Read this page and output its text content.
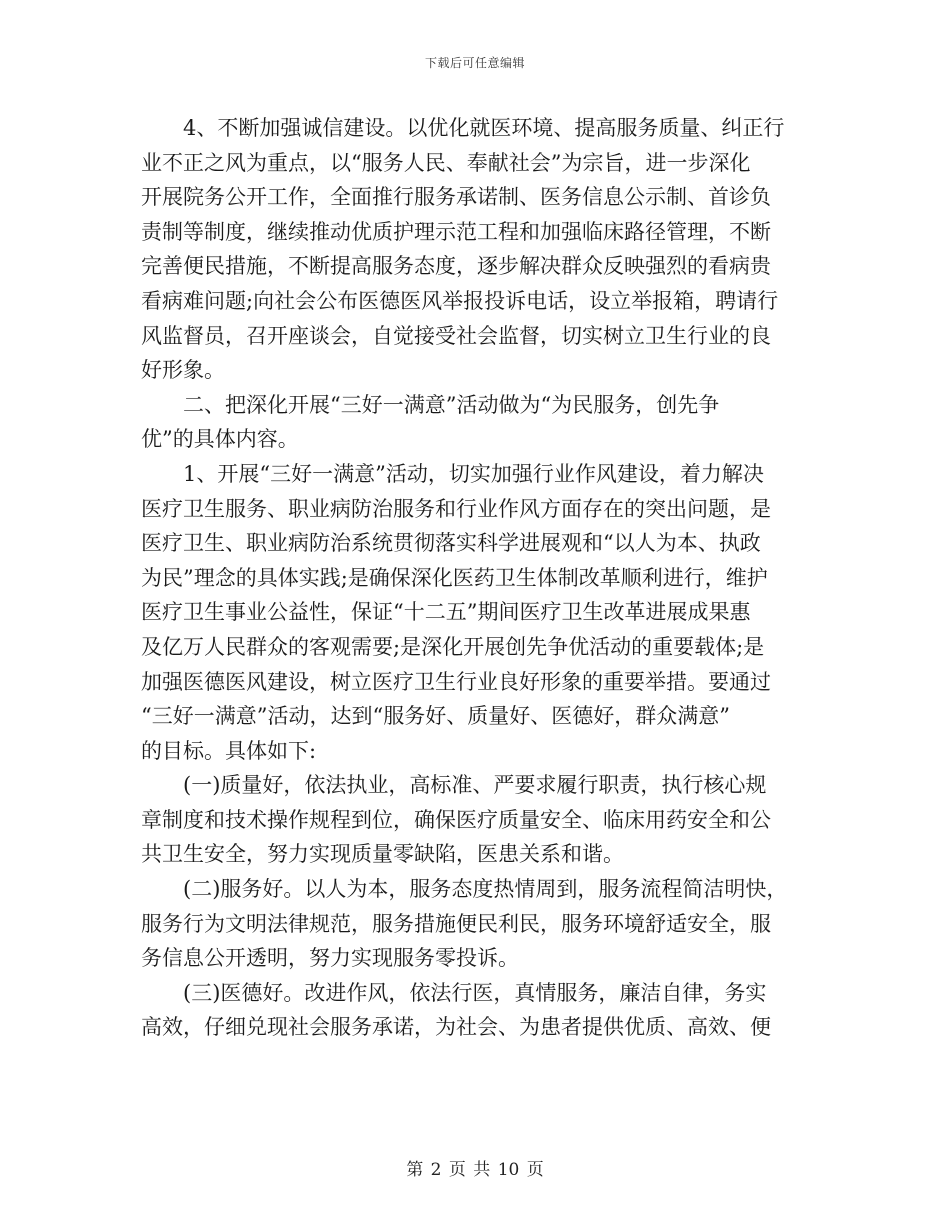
下载后可任意编辑
4、不断加强诚信建设。以优化就医环境、提高服务质量、纠正行
业不正之风为重点，以“服务人民、奉献社会”为宗旨，进一步深化
开展院务公开工作，全面推行服务承诺制、医务信息公示制、首诊负
责制等制度，继续推动优质护理示范工程和加强临床路径管理，不断
完善便民措施，不断提高服务态度，逐步解决群众反映强烈的看病贵
看病难问题;向社会公布医德医风举报投诉电话，设立举报箱，聘请行
风监督员，召开座谈会，自觉接受社会监督，切实树立卫生行业的良
好形象。
二、把深化开展“三好一满意”活动做为“为民服务，创先争
优”的具体内容。
1、开展“三好一满意”活动，切实加强行业作风建设，着力解决
医疗卫生服务、职业病防治服务和行业作风方面存在的突出问题，是
医疗卫生、职业病防治系统贯彻落实科学进展观和“以人为本、执政
为民”理念的具体实践;是确保深化医药卫生体制改革顺利进行，维护
医疗卫生事业公益性，保证“十二五”期间医疗卫生改革进展成果惠
及亿万人民群众的客观需要;是深化开展创先争优活动的重要载体;是
加强医德医风建设，树立医疗卫生行业良好形象的重要举措。要通过
“三好一满意”活动，达到“服务好、质量好、医德好，群众满意”
的目标。具体如下:
(一)质量好，依法执业，高标准、严要求履行职责，执行核心规
章制度和技术操作规程到位，确保医疗质量安全、临床用药安全和公
共卫生安全，努力实现质量零缺陷，医患关系和谐。
(二)服务好。以人为本，服务态度热情周到，服务流程简洁明快，
服务行为文明法律规范，服务措施便民利民，服务环境舒适安全，服
务信息公开透明，努力实现服务零投诉。
(三)医德好。改进作风，依法行医，真情服务，廉洁自律，务实
高效，仔细兑现社会服务承诺，为社会、为患者提供优质、高效、便
第 2 页 共 10 页
